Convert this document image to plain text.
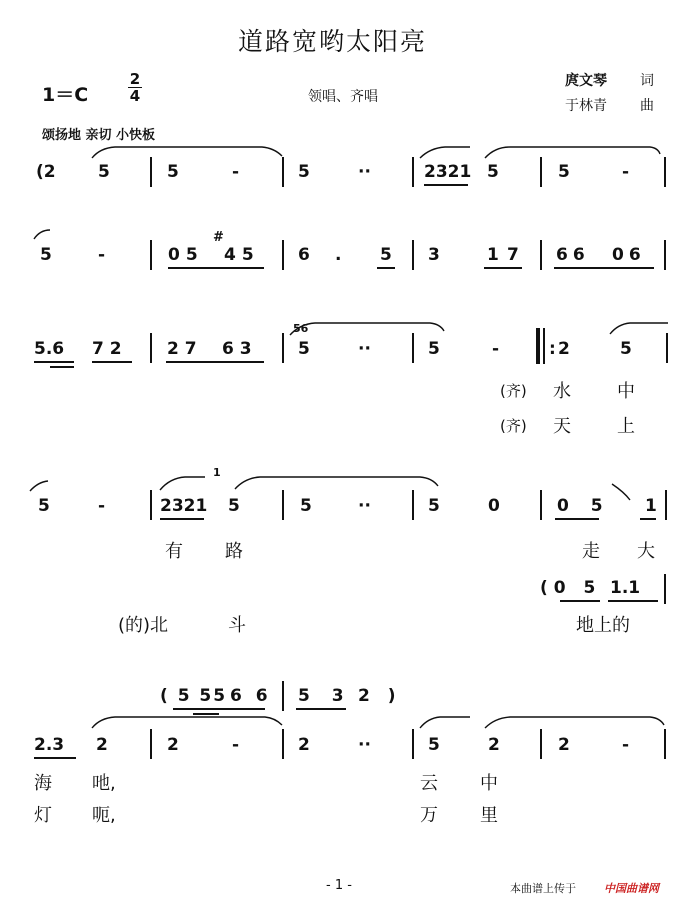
道路宽哟太阳亮
1＝C
2
4	领唱、齐唱
庹文琴 词
于林青 曲
颂扬地 亲切 小快板
(2 5	5	-	5	··	2321 5	5	-
5	-	05
#
45 6 . 5 3	1 7 66 06
5.6 7 2	2 7 6 3
56
5	··	5	-	: 2	5
(齐) 水	中
(齐) 天	上
5	-	2321
1
5	5	··	5	0	0 5 1
有 路	走 大
(0 5 1.1
(的)北	斗	地上的
( 5 55 6 6 5 3 2 )
2.3 2	2	-	2	··	5	2	2	-
海 吔,	云 中
灯 呃,	万 里
- 1 -	本曲谱上传于	中国曲谱网
